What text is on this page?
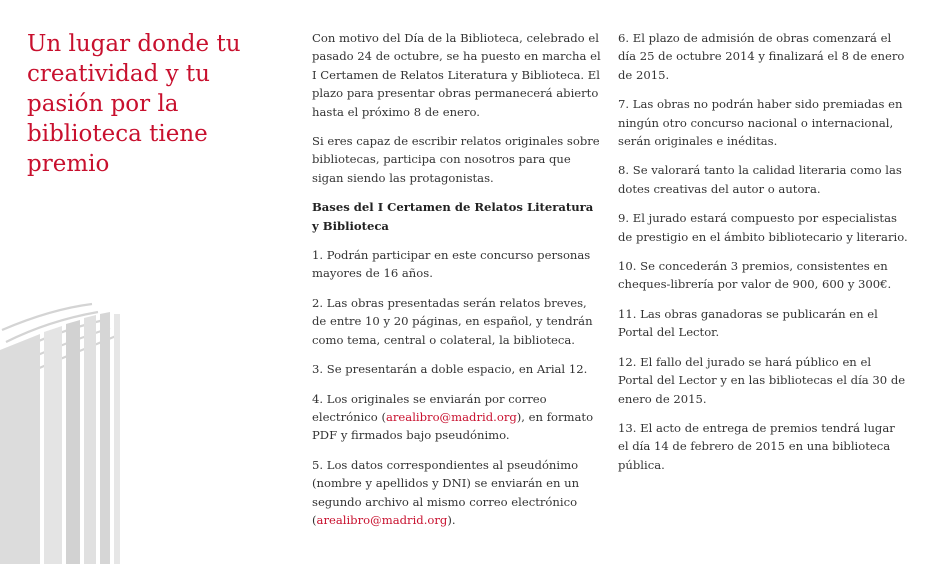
Un lugar donde tu creatividad y tu pasión por la biblioteca tiene premio

Con motivo del Día de la Biblioteca, celebrado el pasado 24 de octubre, se ha puesto en marcha el I Certamen de Relatos Literatura y Biblioteca. El plazo para presentar obras permanecerá abierto hasta el próximo 8 de enero.

Si eres capaz de escribir relatos originales sobre bibliotecas, participa con nosotros para que sigan siendo las protagonistas.

Bases del I Certamen de Relatos Literatura y Biblioteca

1. Podrán participar en este concurso personas mayores de 16 años.

2. Las obras presentadas serán relatos breves, de entre 10 y 20 páginas, en español, y tendrán como tema, central o colateral, la biblioteca.

3. Se presentarán a doble espacio, en Arial 12.

4. Los originales se enviarán por correo electrónico (arealibro@madrid.org), en formato PDF y firmados bajo pseudónimo.

5. Los datos correspondientes al pseudónimo (nombre y apellidos y DNI) se enviarán en un segundo archivo al mismo correo electrónico (arealibro@madrid.org).

6. El plazo de admisión de obras comenzará el día 25 de octubre 2014 y finalizará el 8 de enero de 2015.

7. Las obras no podrán haber sido premiadas en ningún otro concurso nacional o internacional, serán originales e inéditas.

8. Se valorará tanto la calidad literaria como las dotes creativas del autor o autora.

9. El jurado estará compuesto por especialistas de prestigio en el ámbito bibliotecario y literario.

10. Se concederán 3 premios, consistentes en cheques-librería por valor de 900, 600 y 300€.

11. Las obras ganadoras se publicarán en el Portal del Lector.

12. El fallo del jurado se hará público en el Portal del Lector y en las bibliotecas el día 30 de enero de 2015.

13. El acto de entrega de premios tendrá lugar el día 14 de febrero de 2015 en una biblioteca pública.
